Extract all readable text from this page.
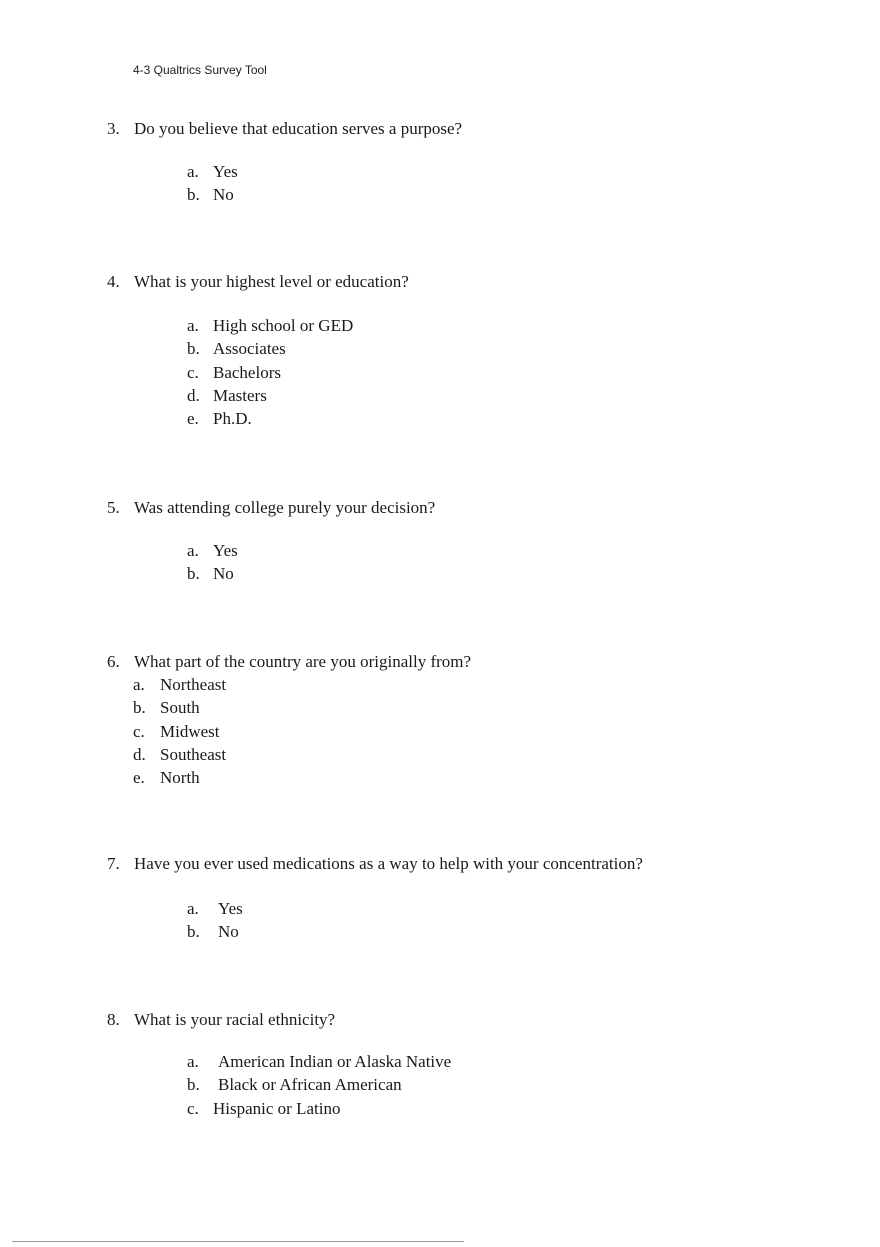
4-3 Qualtrics Survey Tool
3. Do you believe that education serves a purpose?
a. Yes
b. No
4. What is your highest level or education?
a. High school or GED
b. Associates
c. Bachelors
d. Masters
e. Ph.D.
5. Was attending college purely your decision?
a. Yes
b. No
6. What part of the country are you originally from?
a. Northeast
b. South
c. Midwest
d. Southeast
e. North
7. Have you ever used medications as a way to help with your concentration?
a. Yes
b. No
8. What is your racial ethnicity?
a. American Indian or Alaska Native
b. Black or African American
c. Hispanic or Latino
